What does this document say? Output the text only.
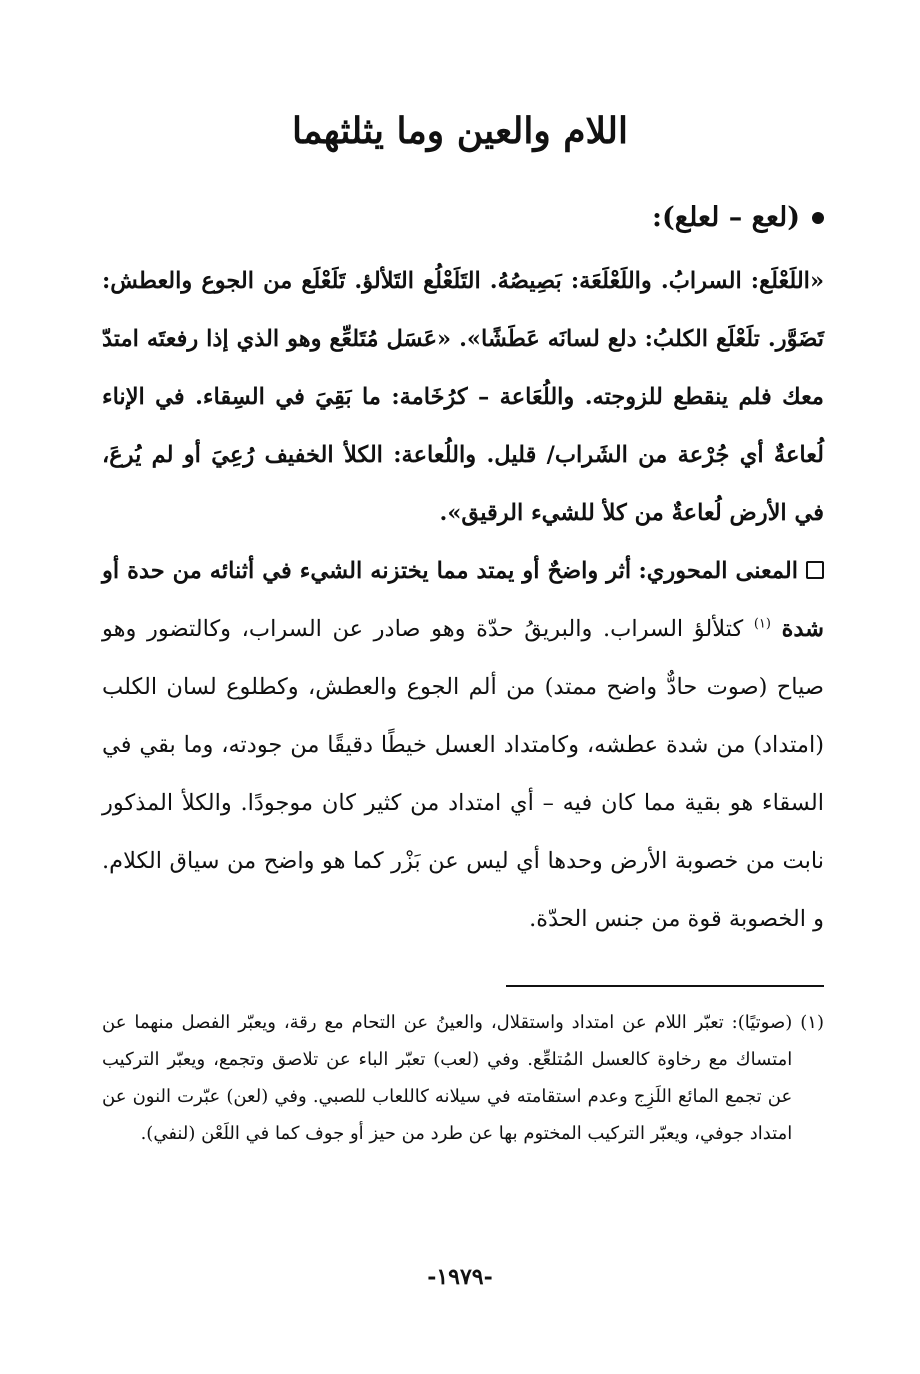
اللام والعين وما يثلثهما
(لعع – لعلع):

«اللَعْلَع: السرابُ. واللَعْلَعَة: بَصِيصُهُ. التَلَعْلُع التَلألؤ. تَلَعْلَع من الجوع والعطش: تَضَوَّر. تلَعْلَع الكلبُ: دلع لسانَه عَطَشًا». «عَسَل مُتَلعِّع وهو الذي إذا رفعتَه امتدّ معك فلم ينقطع للزوجته. واللُعَاعة – كرُخَامة: ما بَقِيَ في السِقاء. في الإناء لُعاعةٌ أي جُرْعة من الشَراب/ قليل. واللُعاعة: الكلأ الخفيف رُعِيَ أو لم يُرعَ، في الأرض لُعاعةٌ من كلأ للشيء الرقيق».

المعنى المحوري: أثر واضحٌ أو يمتد مما يختزنه الشيء في أثنائه من حدة أو شدة $^{(١)}$ كتلألؤ السراب. والبريقُ حدّة وهو صادر عن السراب، وكالتضور وهو صياح (صوت حادٌّ واضح ممتد) من ألم الجوع والعطش، وكطلوع لسان الكلب (امتداد) من شدة عطشه، وكامتداد العسل خيطًا دقيقًا من جودته، وما بقي في السقاء هو بقية مما كان فيه – أي امتداد من كثير كان موجودًا. والكلأ المذكور نابت من خصوبة الأرض وحدها أي ليس عن بَزْر كما هو واضح من سياق الكلام. و الخصوبة قوة من جنس الحدّة.

(١)
(صوتيًا): تعبّر اللام عن امتداد واستقلال، والعينُ عن التحام مع رقة، ويعبّر الفصل منهما عن امتساك مع رخاوة كالعسل المُتلعِّع. وفي (لعب) تعبّر الباء عن تلاصق وتجمع، ويعبّر التركيب عن تجمع المائع اللَزِج وعدم استقامته في سيلانه كاللعاب للصبي. وفي (لعن) عبّرت النون عن امتداد جوفي، ويعبّر التركيب المختوم بها عن طرد من حيز أو جوف كما في اللَعْن (لنفي).

-١٩٧٩-
